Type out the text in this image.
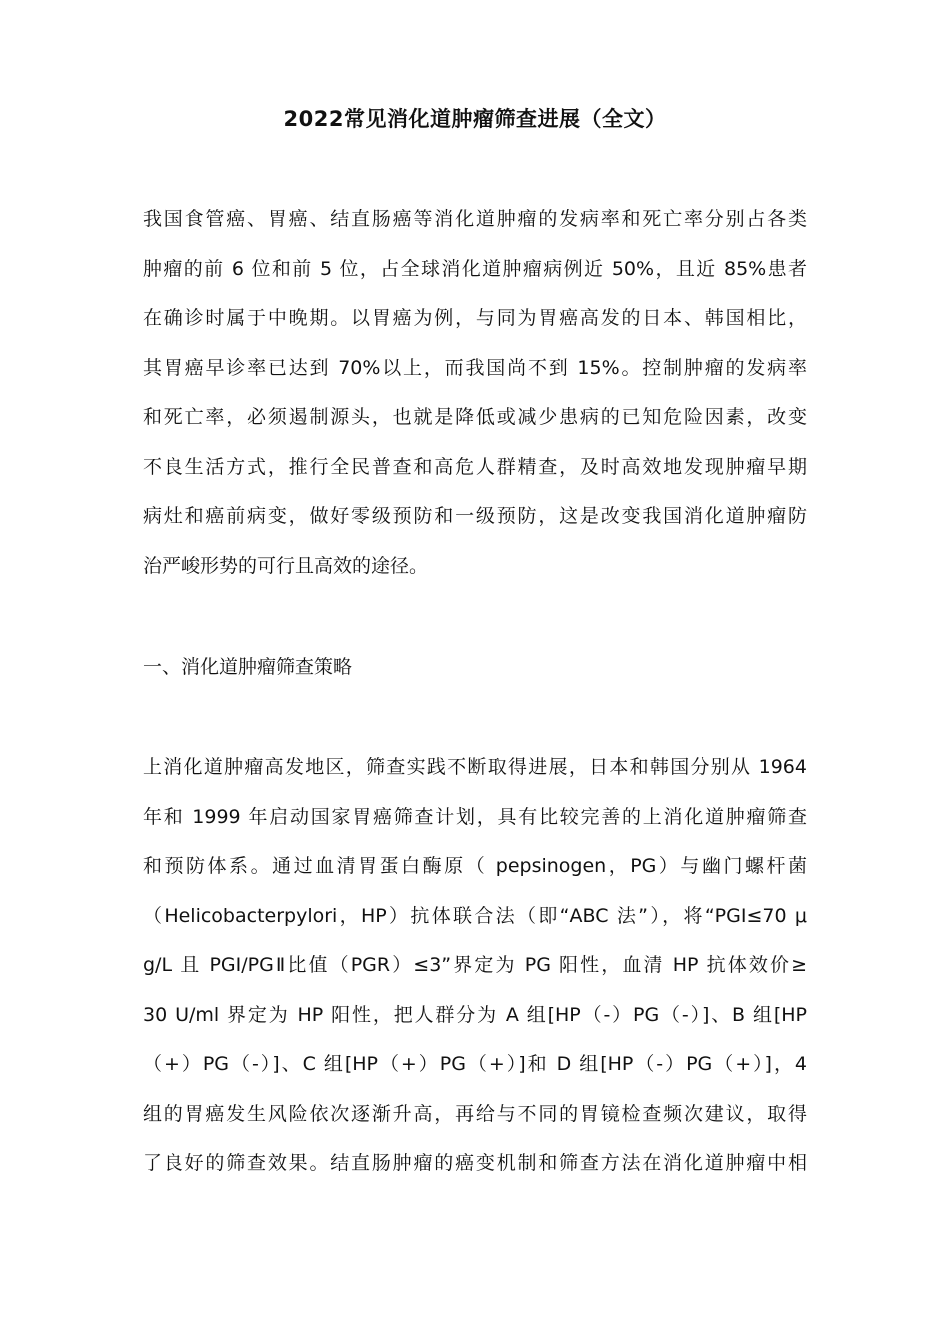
2022常见消化道肿瘤筛查进展（全文）
我国食管癌、胃癌、结直肠癌等消化道肿瘤的发病率和死亡率分别占各类
肿瘤的前 6 位和前 5 位，占全球消化道肿瘤病例近 50%，且近 85%患者
在确诊时属于中晚期。以胃癌为例，与同为胃癌高发的日本、韩国相比，
其胃癌早诊率已达到 70%以上，而我国尚不到 15%。控制肿瘤的发病率
和死亡率，必须遏制源头，也就是降低或减少患病的已知危险因素，改变
不良生活方式，推行全民普查和高危人群精查，及时高效地发现肿瘤早期
病灶和癌前病变，做好零级预防和一级预防，这是改变我国消化道肿瘤防
治严峻形势的可行且高效的途径。
一、消化道肿瘤筛查策略
上消化道肿瘤高发地区，筛查实践不断取得进展，日本和韩国分别从 1964
年和 1999 年启动国家胃癌筛查计划，具有比较完善的上消化道肿瘤筛查
和预防体系。通过血清胃蛋白酶原（ pepsinogen，PG）与幽门螺杆菌
（Helicobacterpylori，HP）抗体联合法（即“ABC 法”），将“PGI≤70 μ
g/L 且 PGI/PGⅡ比值（PGR）≤3”界定为 PG 阳性，血清 HP 抗体效价≥
30 U/ml 界定为 HP 阳性，把人群分为 A 组[HP（-）PG（-）]、B 组[HP
（+）PG（-）]、C 组[HP（+）PG（+）]和 D 组[HP（-）PG（+）]，4
组的胃癌发生风险依次逐渐升高，再给与不同的胃镜检查频次建议，取得
了良好的筛查效果。结直肠肿瘤的癌变机制和筛查方法在消化道肿瘤中相
